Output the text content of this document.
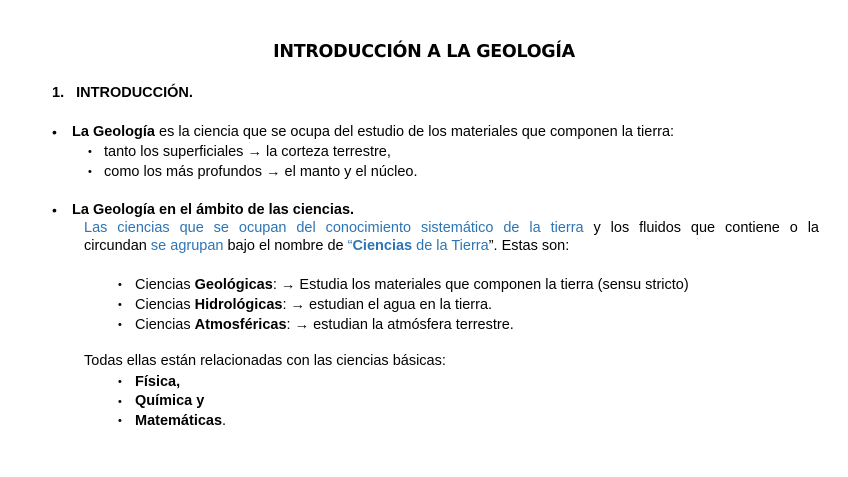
INTRODUCCIÓN A LA GEOLOGÍA
1. INTRODUCCIÓN.
• La Geología es la ciencia que se ocupa del estudio de los materiales que componen la tierra:
• tanto los superficiales → la corteza terrestre,
• como los más profundos → el manto y el núcleo.
• La Geología en el ámbito de las ciencias.
Las ciencias que se ocupan del conocimiento sistemático de la tierra y los fluidos que contiene o la
circundan se agrupan bajo el nombre de “Ciencias de la Tierra”. Estas son:
• Ciencias Geológicas: → Estudia los materiales que componen la tierra (sensu stricto)
• Ciencias Hidrológicas: → estudian el agua en la tierra.
• Ciencias Atmosféricas: → estudian la atmósfera terrestre.
Todas ellas están relacionadas con las ciencias básicas:
• Física,
• Química y
• Matemáticas.
